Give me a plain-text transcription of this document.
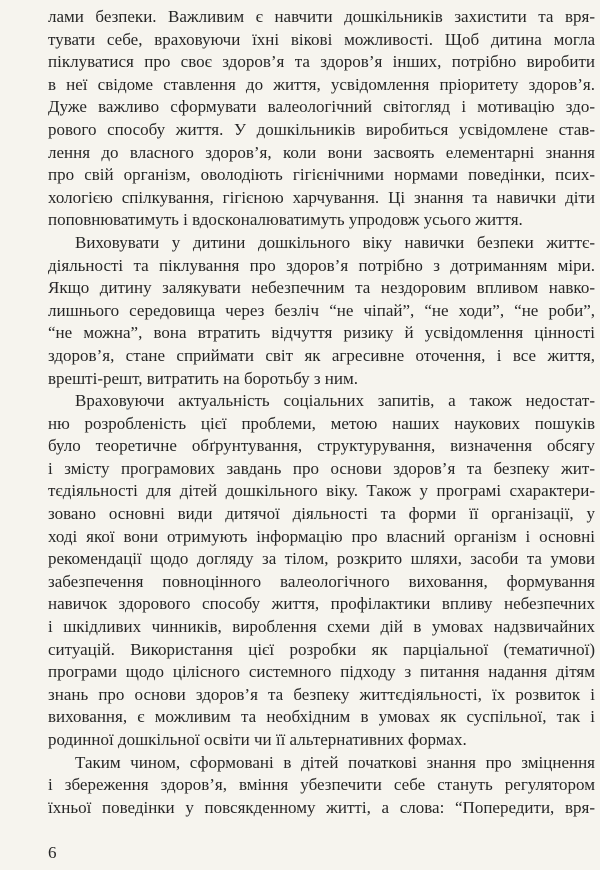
лами безпеки. Важливим є навчити дошкільників захистити та вря-
тувати себе, враховуючи їхні вікові можливості. Щоб дитина могла
піклуватися про своє здоров’я та здоров’я інших, потрібно виробити
в неї свідоме ставлення до життя, усвідомлення пріоритету здоров’я.
Дуже важливо сформувати валеологічний світогляд і мотивацію здо-
рового способу життя. У дошкільників виробиться усвідомлене став-
лення до власного здоров’я, коли вони засвоять елементарні знання
про свій організм, оволодіють гігієнічними нормами поведінки, псих-
хологією спілкування, гігієною харчування. Ці знання та навички діти
поповнюватимуть і вдосконалюватимуть упродовж усього життя.
Виховувати у дитини дошкільного віку навички безпеки життє-
діяльності та піклування про здоров’я потрібно з дотриманням міри.
Якщо дитину залякувати небезпечним та нездоровим впливом навко-
лишнього середовища через безліч “не чіпай”, “не ходи”, “не роби”,
“не можна”, вона втратить відчуття ризику й усвідомлення цінності
здоров’я, стане сприймати світ як агресивне оточення, і все життя,
врешті-решт, витратить на боротьбу з ним.
Враховуючи актуальність соціальних запитів, а також недостат-
ню розробленість цієї проблеми, метою наших наукових пошуків
було теоретичне обґрунтування, структурування, визначення обсягу
і змісту програмових завдань про основи здоров’я та безпеку жит-
тєдіяльності для дітей дошкільного віку. Також у програмі схарактери-
зовано основні види дитячої діяльності та форми її організації, у
ході якої вони отримують інформацію про власний організм і основні
рекомендації щодо догляду за тілом, розкрито шляхи, засоби та умови
забезпечення повноцінного валеологічного виховання, формування
навичок здорового способу життя, профілактики впливу небезпечних
і шкідливих чинників, вироблення схеми дій в умовах надзвичайних
ситуацій. Використання цієї розробки як парціальної (тематичної)
програми щодо цілісного системного підходу з питання надання дітям
знань про основи здоров’я та безпеку життєдіяльності, їх розвиток і
виховання, є можливим та необхідним в умовах як суспільної, так і
родинної дошкільної освіти чи її альтернативних формах.
Таким чином, сформовані в дітей початкові знання про зміцнення
і збереження здоров’я, вміння убезпечити себе стануть регулятором
їхньої поведінки у повсякденному житті, а слова: “Попередити, вря-
6
